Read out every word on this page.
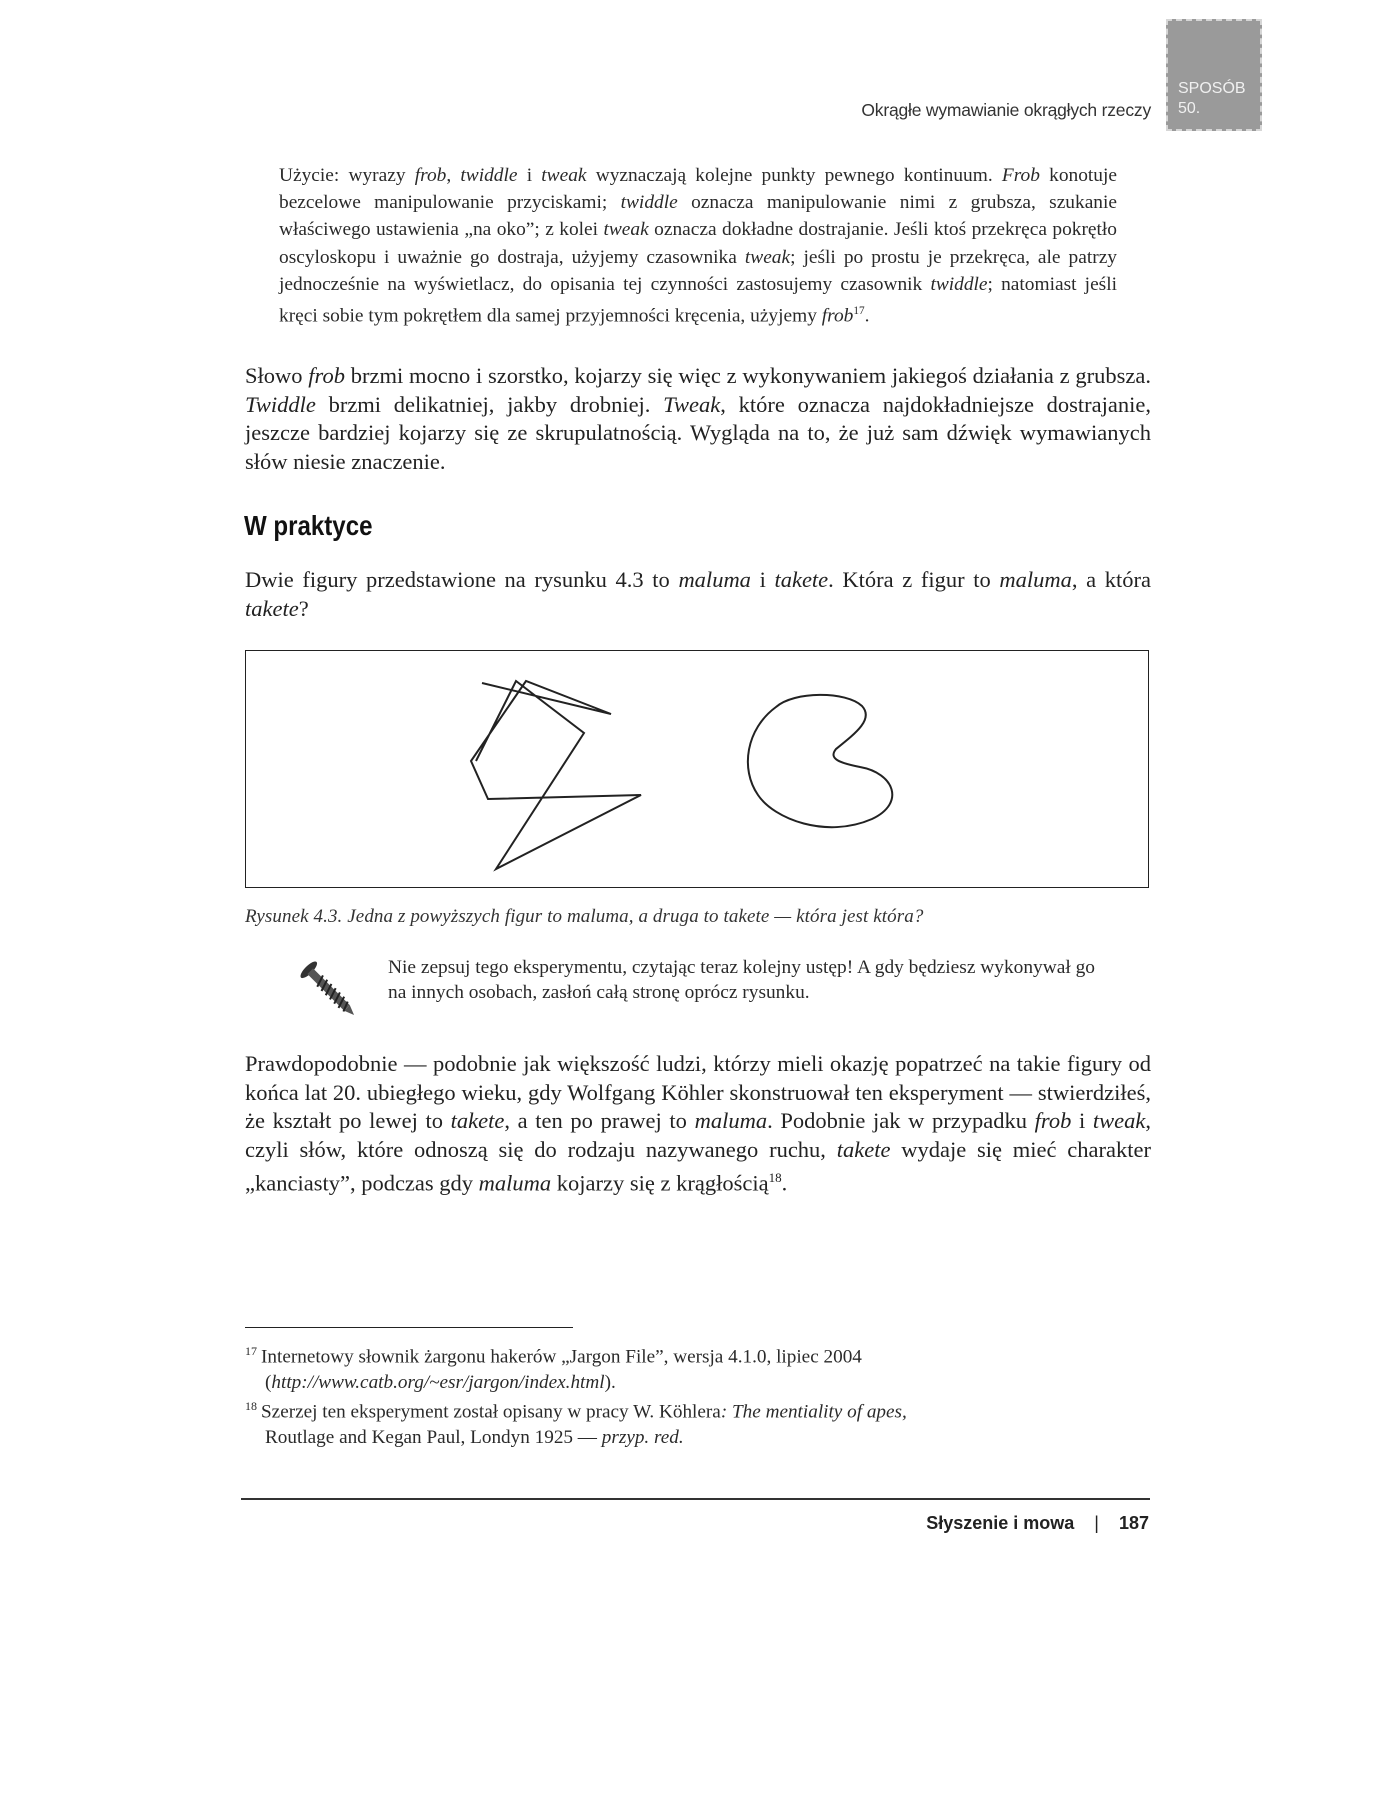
Okrągłe wymawianie okrągłych rzeczy
SPOSÓB
50.
Użycie: wyrazy frob, twiddle i tweak wyznaczają kolejne punkty pewnego kontinuum. Frob konotuje bezcelowe manipulowanie przyciskami; twiddle oznacza manipulowanie nimi z grubsza, szukanie właściwego ustawienia „na oko”; z kolei tweak oznacza dokładne dostrajanie. Jeśli ktoś przekręca pokrętło oscyloskopu i uważnie go dostraja, użyjemy czasownika tweak; jeśli po prostu je przekręca, ale patrzy jednocześnie na wyświetlacz, do opisania tej czynności zastosujemy czasownik twiddle; natomiast jeśli kręci sobie tym pokrętłem dla samej przyjemności kręcenia, użyjemy frob$^{17}$.
Słowo frob brzmi mocno i szorstko, kojarzy się więc z wykonywaniem jakiegoś działania z grubsza. Twiddle brzmi delikatniej, jakby drobniej. Tweak, które oznacza najdokładniejsze dostrajanie, jeszcze bardziej kojarzy się ze skrupulatnością. Wygląda na to, że już sam dźwięk wymawianych słów niesie znaczenie.
W praktyce
Dwie figury przedstawione na rysunku 4.3 to maluma i takete. Która z figur to maluma, a która takete?
Rysunek 4.3. Jedna z powyższych figur to maluma, a druga to takete — która jest która?
Nie zepsuj tego eksperymentu, czytając teraz kolejny ustęp! A gdy będziesz wykonywał go na innych osobach, zasłoń całą stronę oprócz rysunku.
Prawdopodobnie — podobnie jak większość ludzi, którzy mieli okazję popatrzeć na takie figury od końca lat 20. ubiegłego wieku, gdy Wolfgang Köhler skonstruował ten eksperyment — stwierdziłeś, że kształt po lewej to takete, a ten po prawej to maluma. Podobnie jak w przypadku frob i tweak, czyli słów, które odnoszą się do rodzaju nazywanego ruchu, takete wydaje się mieć charakter „kanciasty”, podczas gdy maluma kojarzy się z krągłością$^{18}$.
$^{17}$ Internetowy słownik żargonu hakerów „Jargon File”, wersja 4.1.0, lipiec 2004
(http://www.catb.org/~esr/jargon/index.html).
$^{18}$ Szerzej ten eksperyment został opisany w pracy W. Köhlera: The mentiality of apes,
Routlage and Kegan Paul, Londyn 1925 — przyp. red.
Słyszenie i mowa | 187
